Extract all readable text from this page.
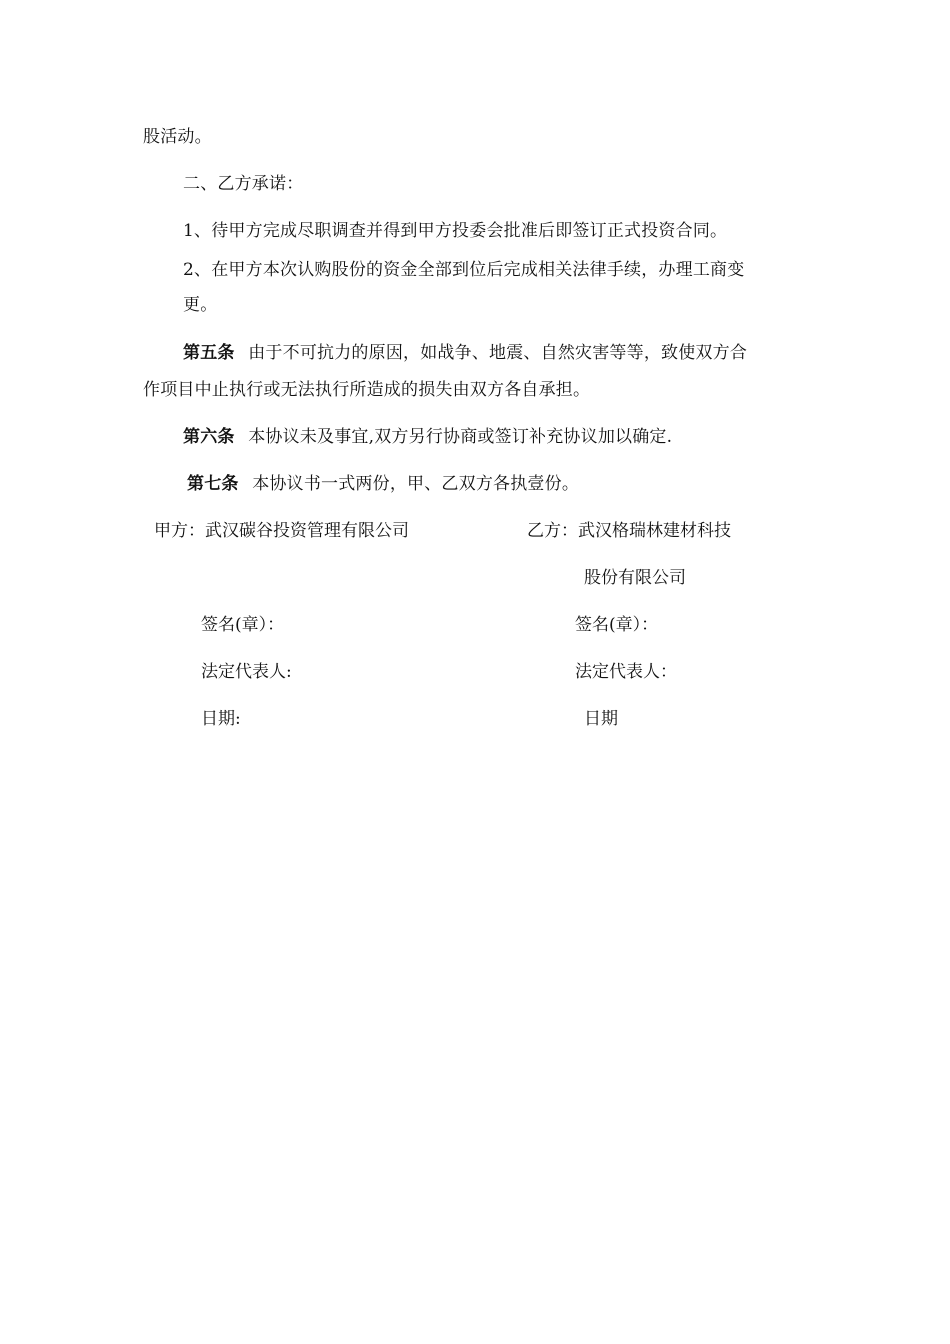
股活动。
二、乙方承诺：
1、待甲方完成尽职调查并得到甲方投委会批准后即签订正式投资合同。
2、在甲方本次认购股份的资金全部到位后完成相关法律手续，办理工商变
更。
第五条 由于不可抗力的原因，如战争、地震、自然灾害等等，致使双方合
作项目中止执行或无法执行所造成的损失由双方各自承担。
第六条 本协议未及事宜,双方另行协商或签订补充协议加以确定.
第七条 本协议书一式两份，甲、乙双方各执壹份。
甲方：武汉碳谷投资管理有限公司
签名(章）：
法定代表人:
日期:
乙方：武汉格瑞林建材科技
股份有限公司
签名(章）：
法定代表人：
日期
